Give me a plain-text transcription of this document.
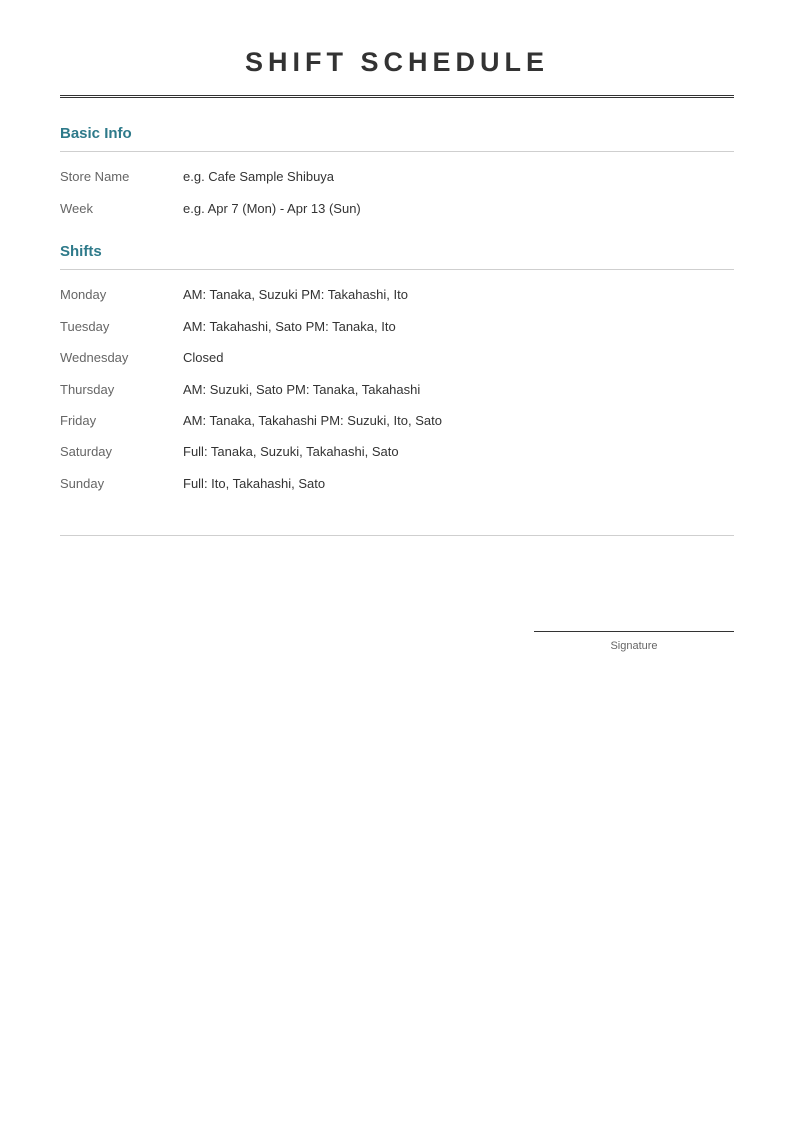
SHIFT SCHEDULE
Basic Info
Store Name	e.g. Cafe Sample Shibuya
Week	e.g. Apr 7 (Mon) - Apr 13 (Sun)
Shifts
Monday	AM: Tanaka, Suzuki PM: Takahashi, Ito
Tuesday	AM: Takahashi, Sato PM: Tanaka, Ito
Wednesday	Closed
Thursday	AM: Suzuki, Sato PM: Tanaka, Takahashi
Friday	AM: Tanaka, Takahashi PM: Suzuki, Ito, Sato
Saturday	Full: Tanaka, Suzuki, Takahashi, Sato
Sunday	Full: Ito, Takahashi, Sato
Signature
